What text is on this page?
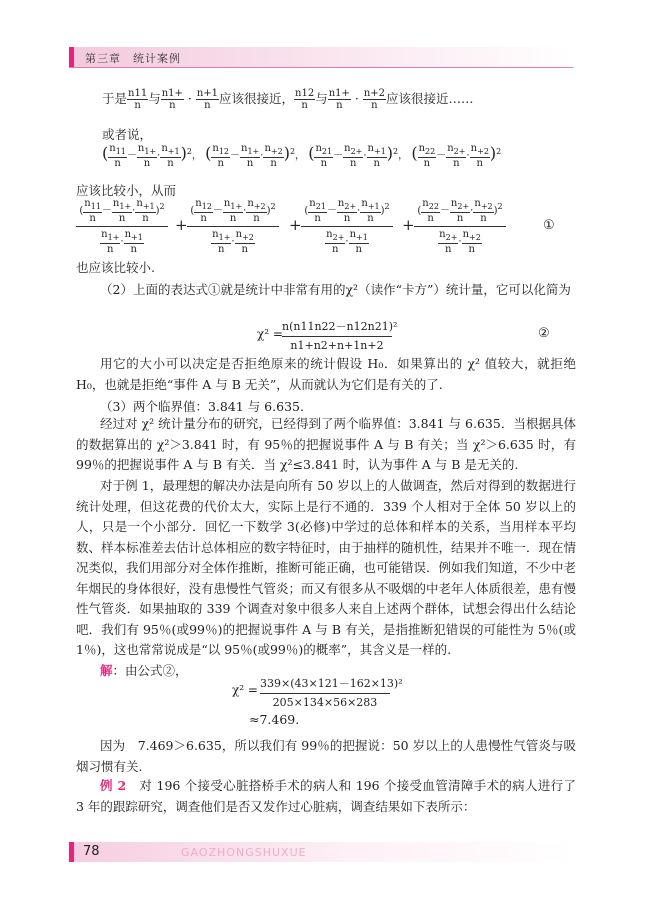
第三章　统计案例
于是 $\frac{n11}{n}$ 与 $\frac{n1+}{n} \cdot \frac{n+1}{n}$ 应该很接近， $\frac{n12}{n}$ 与 $\frac{n1+}{n} \cdot \frac{n+2}{n}$ 应该很接近……
或者说，
( $\frac{n_{11}}{n} - \frac{n_{1+}}{n} \cdot \frac{n_{+1}}{n} )^2$， ( $\frac{n_{12}}{n} - \frac{n_{1+}}{n} \cdot \frac{n_{+2}}{n} )^2$， ( $\frac{n_{21}}{n} - \frac{n_{2+}}{n} \cdot \frac{n_{+1}}{n} )^2$， ( $\frac{n_{22}}{n} - \frac{n_{2+}}{n} \cdot \frac{n_{+2}}{n} )^2$
应该比较小，从而
$\frac{( \frac{n_{11}}{n} - \frac{n_{1+}}{n} \cdot \frac{n_{+1}}{n} )^2}{\frac{n_{1+}}{n} \cdot \frac{n_{+1}}{n}} + \frac{( \frac{n_{12}}{n} - \frac{n_{1+}}{n} \cdot \frac{n_{+2}}{n} )^2}{\frac{n_{1+}}{n} \cdot \frac{n_{+2}}{n}} + \frac{( \frac{n_{21}}{n} - \frac{n_{2+}}{n} \cdot \frac{n_{+1}}{n} )^2}{\frac{n_{2+}}{n} \cdot \frac{n_{+1}}{n}} + \frac{( \frac{n_{22}}{n} - \frac{n_{2+}}{n} \cdot \frac{n_{+2}}{n} )^2}{\frac{n_{2+}}{n} \cdot \frac{n_{+2}}{n}}$	①
也应该比较小.
（2）上面的表达式①就是统计中非常有用的χ²（读作“卡方”）统计量，它可以化简为
$\chi^2 = \frac{\text{n(n11n22－n12n21)²}}{n1+n2+n+1n+2}$	②
用它的大小可以决定是否拒绝原来的统计假设 H₀．如果算出的 χ² 值较大，就拒绝 H₀，也就是拒绝“事件 A 与 B 无关”，从而就认为它们是有关的了.
（3）两个临界值：3.841 与 6.635.
经过对 χ² 统计量分布的研究，已经得到了两个临界值：3.841 与 6.635．当根据具体的数据算出的 χ²＞3.841 时，有 95％的把握说事件 A 与 B 有关；当 χ²＞6.635 时，有 99％的把握说事件 A 与 B 有关．当 χ²≤3.841 时，认为事件 A 与 B 是无关的.
对于例 1，最理想的解决办法是向所有 50 岁以上的人做调查，然后对得到的数据进行统计处理，但这花费的代价太大，实际上是行不通的．339 个人相对于全体 50 岁以上的人，只是一个小部分．回忆一下数学 3(必修)中学过的总体和样本的关系，当用样本平均数、样本标准差去估计总体相应的数字特征时，由于抽样的随机性，结果并不唯一．现在情况类似，我们用部分对全体作推断，推断可能正确，也可能错误．例如我们知道，不少中老年烟民的身体很好，没有患慢性气管炎；而又有很多从不吸烟的中老年人体质很差，患有慢性气管炎．如果抽取的 339 个调查对象中很多人来自上述两个群体，试想会得出什么结论吧．我们有 95％(或99％)的把握说事件 A 与 B 有关，是指推断犯错误的可能性为 5％(或 1％)，这也常常说成是“以 95％(或99％)的概率”，其含义是一样的.
解：由公式②，
$\chi^2 = \frac{\text{339×(43×121－162×13)²}}{205\times 134\times 56\times 283}$
≈7.469.
因为　7.469＞6.635，所以我们有 99％的把握说：50 岁以上的人患慢性气管炎与吸烟习惯有关.
例 2　对 196 个接受心脏搭桥手术的病人和 196 个接受血管清障手术的病人进行了 3 年的跟踪研究，调查他们是否又发作过心脏病，调查结果如下表所示：
78	GAOZHONGSHUXUE
